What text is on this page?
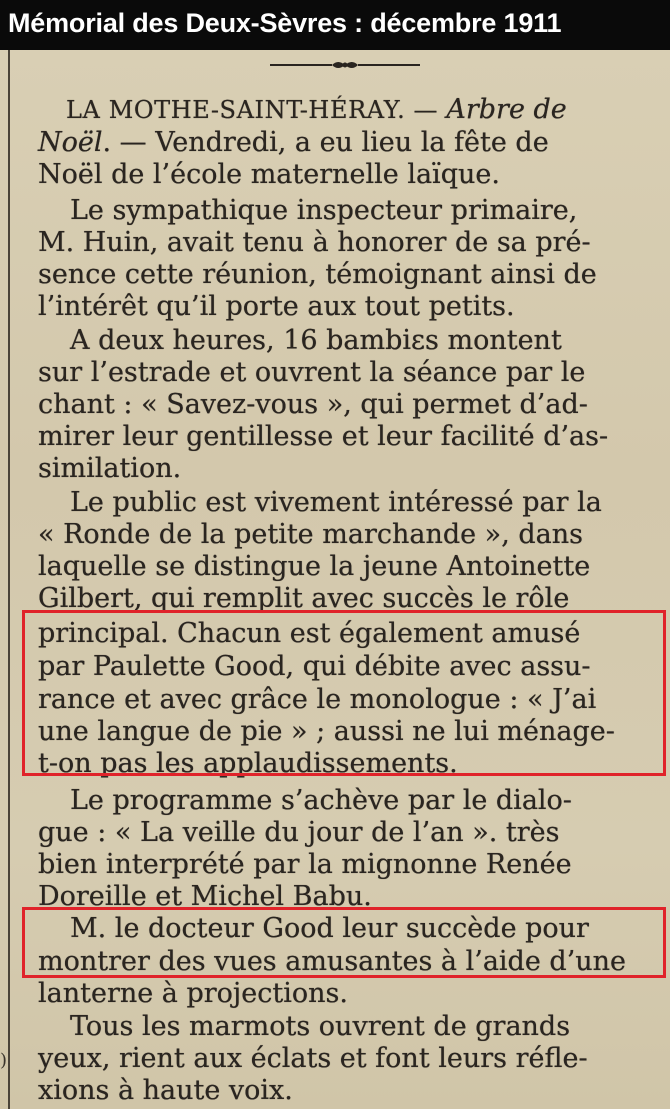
Mémorial des Deux-Sèvres : décembre 1911
LA MOTHE-SAINT-HÉRAY. — Arbre de
Noël. — Vendredi, a eu lieu la fête de
Noël de l’école maternelle laïque.
Le sympathique inspecteur primaire,
M. Huin, avait tenu à honorer de sa pré-
sence cette réunion, témoignant ainsi de
l’intérêt qu’il porte aux tout petits.
A deux heures, 16 bambiεs montent
sur l’estrade et ouvrent la séance par le
chant : « Savez-vous », qui permet d’ad-
mirer leur gentillesse et leur facilité d’as-
similation.
Le public est vivement intéressé par la
« Ronde de la petite marchande », dans
laquelle se distingue la jeune Antoinette
Gilbert, qui remplit avec succès le rôle
principal. Chacun est également amusé
par Paulette Good, qui débite avec assu-
rance et avec grâce le monologue : « J’ai
une langue de pie » ; aussi ne lui ménage-
t-on pas les applaudissements.
Le programme s’achève par le dialo-
gue : « La veille du jour de l’an ». très
bien interprété par la mignonne Renée
Doreille et Michel Babu.
M. le docteur Good leur succède pour
montrer des vues amusantes à l’aide d’une
lanterne à projections.
Tous les marmots ouvrent de grands
yeux, rient aux éclats et font leurs réfle-
xions à haute voix.
)
